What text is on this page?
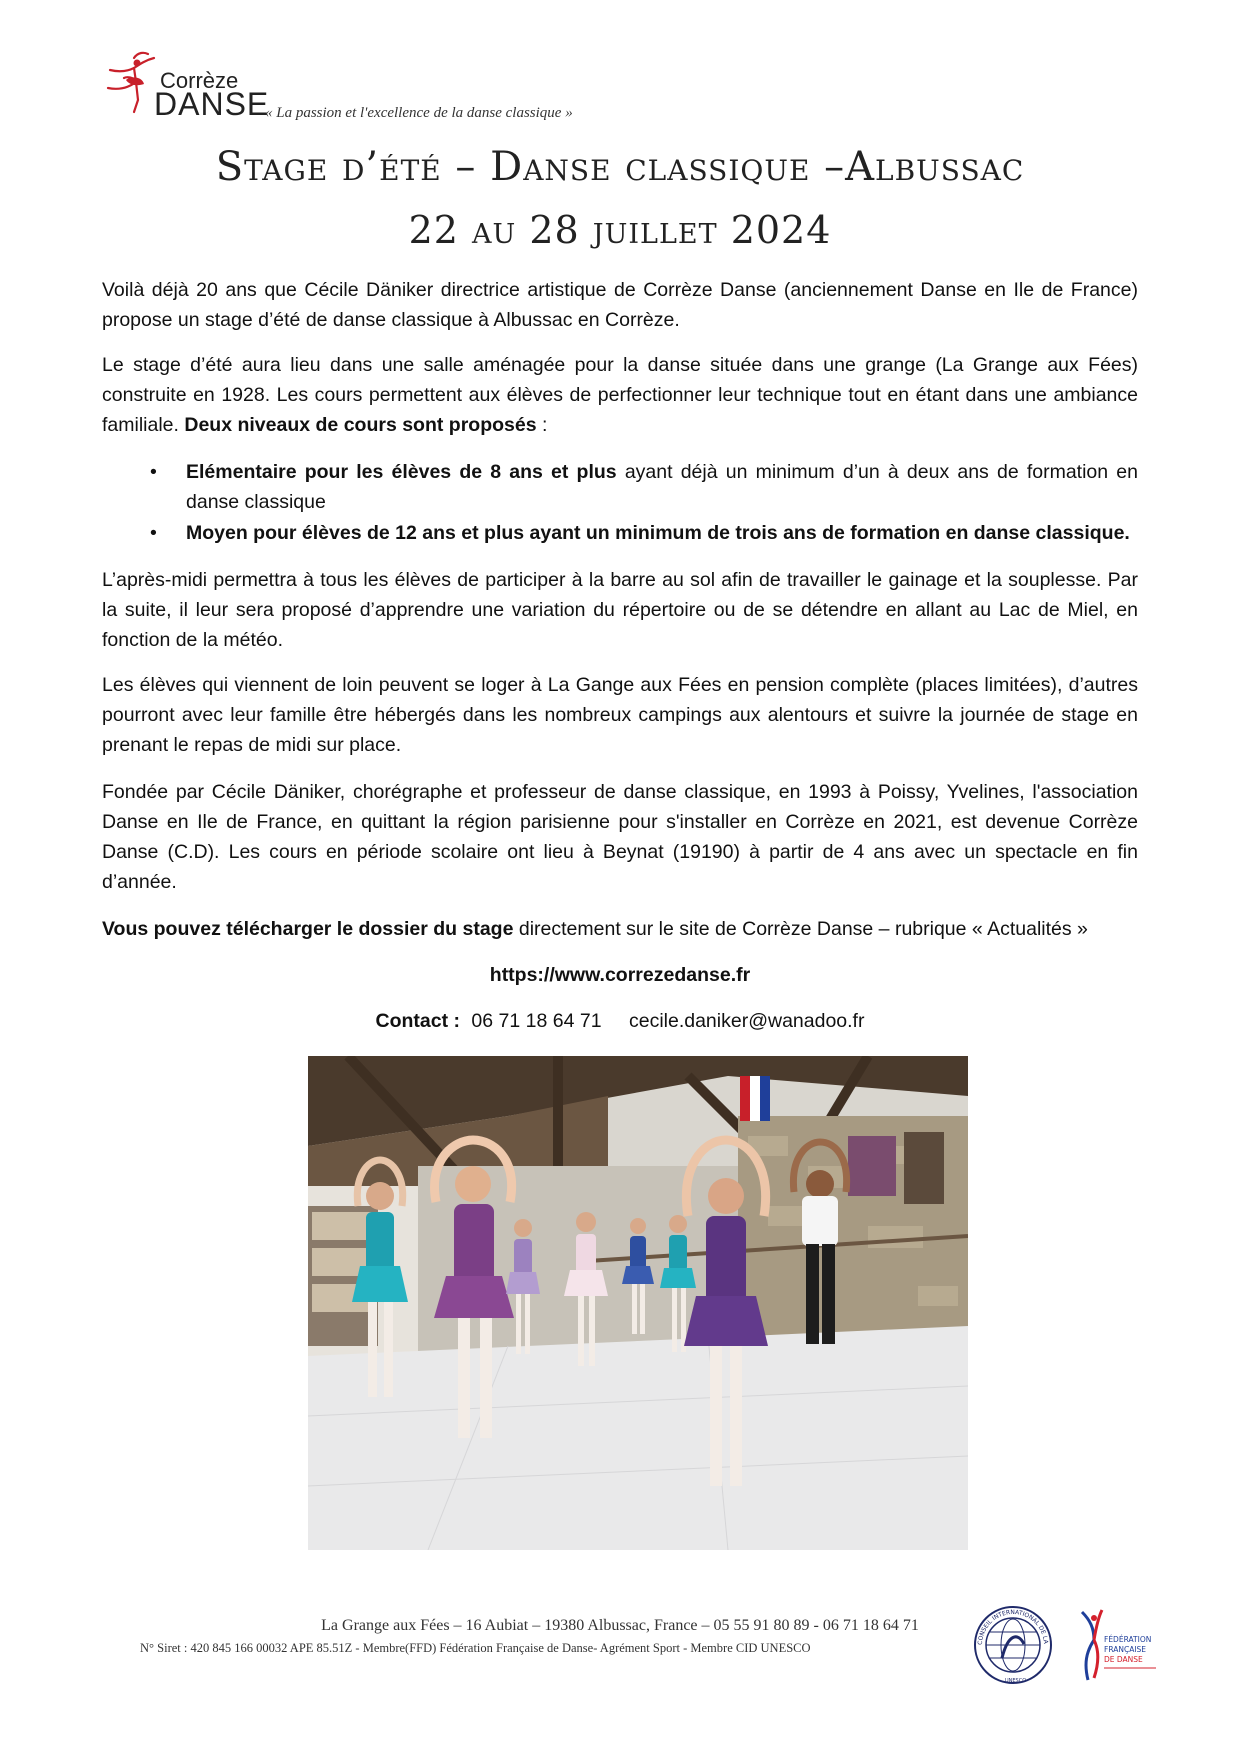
Corrèze
DANSE
« La passion et l'excellence de la danse classique »
Stage d’été – Danse classique –Albussac
22 au 28 juillet 2024

Voilà déjà 20 ans que Cécile Däniker directrice artistique de Corrèze Danse (anciennement Danse en Ile de France) propose un stage d’été de danse classique à Albussac en Corrèze.

Le stage d’été aura lieu dans une salle aménagée pour la danse située dans une grange (La Grange aux Fées) construite en 1928. Les cours permettent aux élèves de perfectionner leur technique tout en étant dans une ambiance familiale. Deux niveaux de cours sont proposés :

• Elémentaire pour les élèves de 8 ans et plus ayant déjà un minimum d’un à deux ans de formation en danse classique
• Moyen pour élèves de 12 ans et plus ayant un minimum de trois ans de formation en danse classique.

L’après-midi permettra à tous les élèves de participer à la barre au sol afin de travailler le gainage et la souplesse. Par la suite, il leur sera proposé d’apprendre une variation du répertoire ou de se détendre en allant au Lac de Miel, en fonction de la météo.

Les élèves qui viennent de loin peuvent se loger à La Gange aux Fées en pension complète (places limitées), d’autres pourront avec leur famille être hébergés dans les nombreux campings aux alentours et suivre la journée de stage en prenant le repas de midi sur place.

Fondée par Cécile Däniker, chorégraphe et professeur de danse classique, en 1993 à Poissy, Yvelines, l'association Danse en Ile de France, en quittant la région parisienne pour s'installer en Corrèze en 2021, est devenue Corrèze Danse (C.D). Les cours en période scolaire ont lieu à Beynat (19190) à partir de 4 ans avec un spectacle en fin d’année.

Vous pouvez télécharger le dossier du stage directement sur le site de Corrèze Danse – rubrique « Actualités »

https://www.correzedanse.fr
Contact : 06 71 18 64 71 cecile.daniker@wanadoo.fr
La Grange aux Fées – 16 Aubiat – 19380 Albussac, France – 05 55 91 80 89 - 06 71 18 64 71
N° Siret : 420 845 166 00032 APE 85.51Z - Membre(FFD) Fédération Française de Danse- Agrément Sport - Membre CID UNESCO	CONSEIL INTERNATIONAL DE LA
UNESCO
FÉDÉRATION
FRANÇAISE
DE DANSE
